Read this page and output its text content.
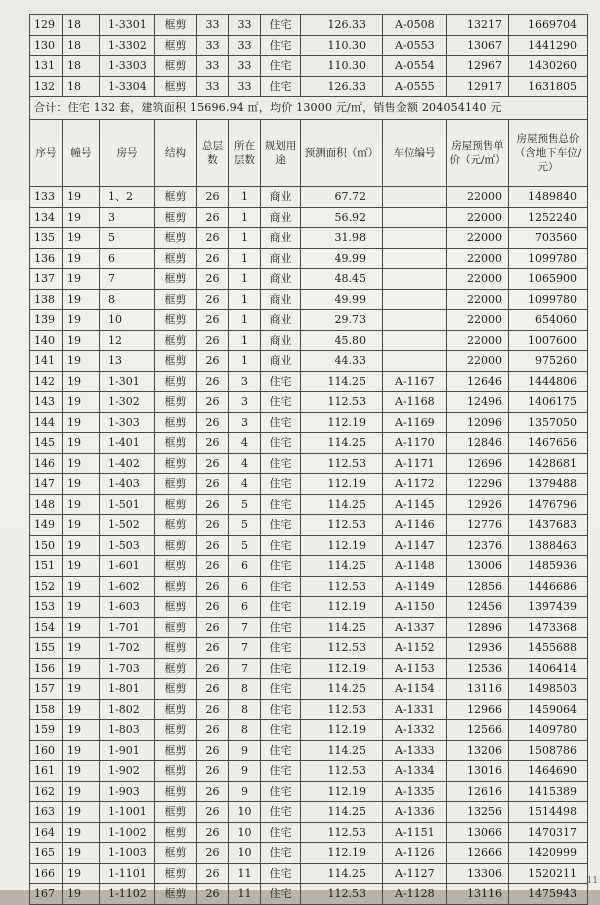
129	18	1-3301	框剪	33	33	住宅	126.33	A-0508	13217	1669704
130	18	1-3302	框剪	33	33	住宅	110.30	A-0553	13067	1441290
131	18	1-3303	框剪	33	33	住宅	110.30	A-0554	12967	1430260
132	18	1-3304	框剪	33	33	住宅	126.33	A-0555	12917	1631805
合计：住宅 132 套，建筑面积 15696.94 ㎡，均价 13000 元/㎡，销售金额 204054140 元										
序号	幢号	房号	结构	总层数	所在层数	规划用途	预测面积（㎡）	车位编号	房屋预售单价（元/㎡）	房屋预售总价（含地下车位/元）
133	19	1、2	框剪	26	1	商业	67.72		22000	1489840
134	19	3	框剪	26	1	商业	56.92		22000	1252240
135	19	5	框剪	26	1	商业	31.98		22000	703560
136	19	6	框剪	26	1	商业	49.99		22000	1099780
137	19	7	框剪	26	1	商业	48.45		22000	1065900
138	19	8	框剪	26	1	商业	49.99		22000	1099780
139	19	10	框剪	26	1	商业	29.73		22000	654060
140	19	12	框剪	26	1	商业	45.80		22000	1007600
141	19	13	框剪	26	1	商业	44.33		22000	975260
142	19	1-301	框剪	26	3	住宅	114.25	A-1167	12646	1444806
143	19	1-302	框剪	26	3	住宅	112.53	A-1168	12496	1406175
144	19	1-303	框剪	26	3	住宅	112.19	A-1169	12096	1357050
145	19	1-401	框剪	26	4	住宅	114.25	A-1170	12846	1467656
146	19	1-402	框剪	26	4	住宅	112.53	A-1171	12696	1428681
147	19	1-403	框剪	26	4	住宅	112.19	A-1172	12296	1379488
148	19	1-501	框剪	26	5	住宅	114.25	A-1145	12926	1476796
149	19	1-502	框剪	26	5	住宅	112.53	A-1146	12776	1437683
150	19	1-503	框剪	26	5	住宅	112.19	A-1147	12376	1388463
151	19	1-601	框剪	26	6	住宅	114.25	A-1148	13006	1485936
152	19	1-602	框剪	26	6	住宅	112.53	A-1149	12856	1446686
153	19	1-603	框剪	26	6	住宅	112.19	A-1150	12456	1397439
154	19	1-701	框剪	26	7	住宅	114.25	A-1337	12896	1473368
155	19	1-702	框剪	26	7	住宅	112.53	A-1152	12936	1455688
156	19	1-703	框剪	26	7	住宅	112.19	A-1153	12536	1406414
157	19	1-801	框剪	26	8	住宅	114.25	A-1154	13116	1498503
158	19	1-802	框剪	26	8	住宅	112.53	A-1331	12966	1459064
159	19	1-803	框剪	26	8	住宅	112.19	A-1332	12566	1409780
160	19	1-901	框剪	26	9	住宅	114.25	A-1333	13206	1508786
161	19	1-902	框剪	26	9	住宅	112.53	A-1334	13016	1464690
162	19	1-903	框剪	26	9	住宅	112.19	A-1335	12616	1415389
163	19	1-1001	框剪	26	10	住宅	114.25	A-1336	13256	1514498
164	19	1-1002	框剪	26	10	住宅	112.53	A-1151	13066	1470317
165	19	1-1003	框剪	26	10	住宅	112.19	A-1126	12666	1420999
166	19	1-1101	框剪	26	11	住宅	114.25	A-1127	13306	1520211
167	19	1-1102	框剪	26	11	住宅	112.53	A-1128	13116	1475943
11
